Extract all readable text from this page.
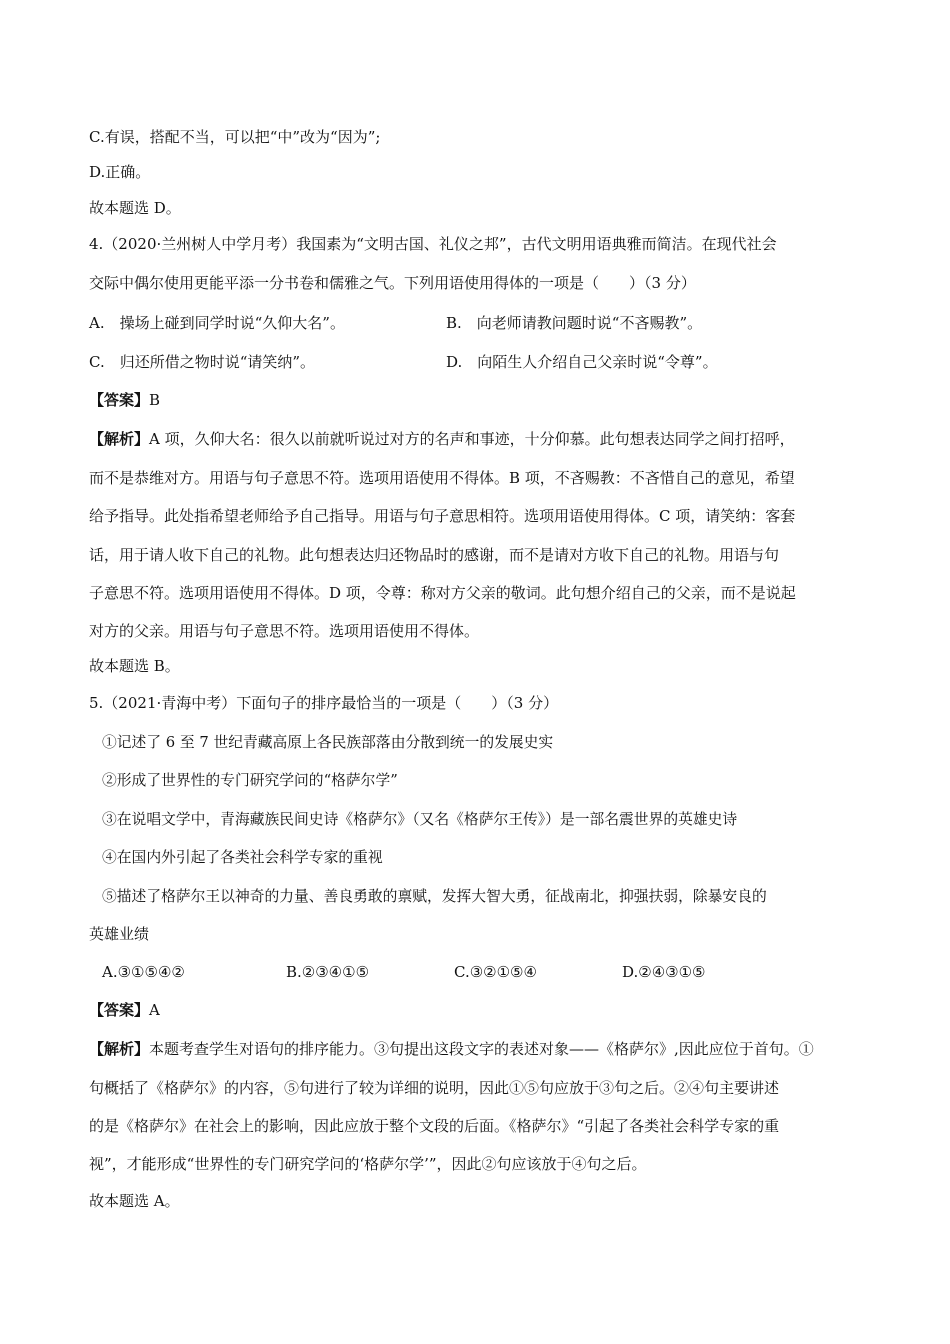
C.有误，搭配不当，可以把“中”改为“因为”;
D.正确。
故本题选 D。
4.（2020·兰州树人中学月考）我国素为“文明古国、礼仪之邦”，古代文明用语典雅而简洁。在现代社会
交际中偶尔使用更能平添一分书卷和儒雅之气。下列用语使用得体的一项是（　　）（3 分）
A.　操场上碰到同学时说“久仰大名”。	B.　向老师请教问题时说“不吝赐教”。
C.　归还所借之物时说“请笑纳”。	D.　向陌生人介绍自己父亲时说“令尊”。
【答案】B
【解析】A 项，久仰大名：很久以前就听说过对方的名声和事迹，十分仰慕。此句想表达同学之间打招呼，
而不是恭维对方。用语与句子意思不符。选项用语使用不得体。B 项，不吝赐教：不吝惜自己的意见，希望
给予指导。此处指希望老师给予自己指导。用语与句子意思相符。选项用语使用得体。C 项，请笑纳：客套
话，用于请人收下自己的礼物。此句想表达归还物品时的感谢，而不是请对方收下自己的礼物。用语与句
子意思不符。选项用语使用不得体。D 项，令尊：称对方父亲的敬词。此句想介绍自己的父亲，而不是说起
对方的父亲。用语与句子意思不符。选项用语使用不得体。
故本题选 B。
5.（2021·青海中考）下面句子的排序最恰当的一项是（　　）（3 分）
①记述了 6 至 7 世纪青藏高原上各民族部落由分散到统一的发展史实
②形成了世界性的专门研究学问的“格萨尔学”
③在说唱文学中，青海藏族民间史诗《格萨尔》（又名《格萨尔王传》）是一部名震世界的英雄史诗
④在国内外引起了各类社会科学专家的重视
⑤描述了格萨尔王以神奇的力量、善良勇敢的禀赋，发挥大智大勇，征战南北，抑强扶弱，除暴安良的
英雄业绩
A.③①⑤④②	B.②③④①⑤	C.③②①⑤④	D.②④③①⑤
【答案】A
【解析】本题考查学生对语句的排序能力。③句提出这段文字的表述对象——《格萨尔》,因此应位于首句。①
句概括了《格萨尔》的内容，⑤句进行了较为详细的说明，因此①⑤句应放于③句之后。②④句主要讲述
的是《格萨尔》在社会上的影响，因此应放于整个文段的后面。《格萨尔》“引起了各类社会科学专家的重
视”，才能形成“世界性的专门研究学问的‘格萨尔学’”，因此②句应该放于④句之后。
故本题选 A。
